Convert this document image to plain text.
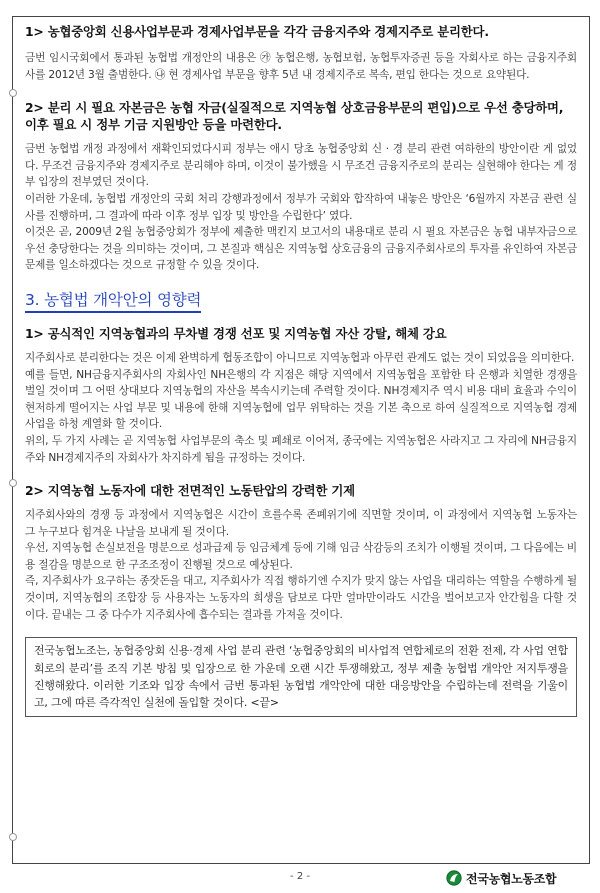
1> 농협중앙회 신용사업부문과 경제사업부문을 각각 금융지주와 경제지주로 분리한다.
금번 임시국회에서 통과된 농협법 개정안의 내용은 ㉮ 농협은행, 농협보험, 농협투자증권 등을 자회사로 하는 금융지주회사를 2012년 3월 출범한다. ㉯ 현 경제사업 부문을 향후 5년 내 경제지주로 복속, 편입 한다는 것으로 요약된다.
2> 분리 시 필요 자본금은 농협 자금(실질적으로 지역농협 상호금융부문의 편입)으로 우선 충당하며, 이후 필요 시 정부 기금 지원방안 등을 마련한다.
금번 농협법 개정 과정에서 재확인되었다시피 정부는 애시 당초 농협중앙회 신 · 경 분리 관련 여하한의 방안이란 게 없었다. 무조건 금융지주와 경제지주로 분리해야 하며, 이것이 불가했을 시 무조건 금융지주로의 분리는 실현해야 한다는 게 정부 입장의 전부였던 것이다.
이러한 가운데, 농협법 개정안의 국회 처리 강행과정에서 정부가 국회와 합작하여 내놓은 방안은 ‘6월까지 자본금 관련 실사를 진행하며, 그 결과에 따라 이후 정부 입장 및 방안을 수립한다’ 였다.
이것은 곧, 2009년 2월 농협중앙회가 정부에 제출한 맥킨지 보고서의 내용대로 분리 시 필요 자본금은 농협 내부자금으로 우선 충당한다는 것을 의미하는 것이며, 그 본질과 핵심은 지역농협 상호금융의 금융지주회사로의 투자를 유인하여 자본금 문제를 일소하겠다는 것으로 규정할 수 있을 것이다.
3. 농협법 개악안의 영향력
1> 공식적인 지역농협과의 무차별 경쟁 선포 및 지역농협 자산 강탈, 해체 강요
지주회사로 분리한다는 것은 이제 완벽하게 협동조합이 아니므로 지역농협과 아무런 관계도 없는 것이 되었음을 의미한다.
예를 들면, NH금융지주회사의 자회사인 NH은행의 각 지점은 해당 지역에서 지역농협을 포함한 타 은행과 치열한 경쟁을 벌일 것이며 그 어떤 상대보다 지역농협의 자산을 복속시키는데 주력할 것이다. NH경제지주 역시 비용 대비 효율과 수익이 현저하게 떨어지는 사업 부문 및 내용에 한해 지역농협에 업무 위탁하는 것을 기본 축으로 하여 실질적으로 지역농협 경제 사업을 하청 계열화 할 것이다.
위의, 두 가지 사례는 곧 지역농협 사업부문의 축소 및 폐쇄로 이어져, 종국에는 지역농협은 사라지고 그 자리에 NH금융지주와 NH경제지주의 자회사가 차지하게 됨을 규정하는 것이다.
2> 지역농협 노동자에 대한 전면적인 노동탄압의 강력한 기제
지주회사와의 경쟁 등 과정에서 지역농협은 시간이 흐를수록 존폐위기에 직면할 것이며, 이 과정에서 지역농협 노동자는 그 누구보다 힘겨운 나날을 보내게 될 것이다.
우선, 지역농협 손실보전을 명분으로 성과급제 등 임금체계 등에 기해 임금 삭감등의 조치가 이행될 것이며, 그 다음에는 비용 절감을 명분으로 한 구조조정이 진행될 것으로 예상된다.
즉, 지주회사가 요구하는 종잣돈을 대고, 지주회사가 직접 행하기엔 수지가 맞지 않는 사업을 대리하는 역할을 수행하게 될 것이며, 지역농협의 조합장 등 사용자는 노동자의 희생을 담보로 다만 얼마만이라도 시간을 벌어보고자 안간힘을 다할 것이다. 끝내는 그 중 다수가 지주회사에 흡수되는 결과를 가져올 것이다.
전국농협노조는, 농협중앙회 신용·경제 사업 분리 관련 ‘농협중앙회의 비사업적 연합체로의 전환 전제, 각 사업 연합회로의 분리’를 조직 기본 방침 및 입장으로 한 가운데 오랜 시간 투쟁해왔고, 정부 제출 농협법 개악안 저지투쟁을 진행해왔다. 이러한 기조와 입장 속에서 금번 통과된 농협법 개악안에 대한 대응방안을 수립하는데 전력을 기울이고, 그에 따른 즉각적인 실천에 돌입할 것이다. <끝>
- 2 -	전국농협노동조합
